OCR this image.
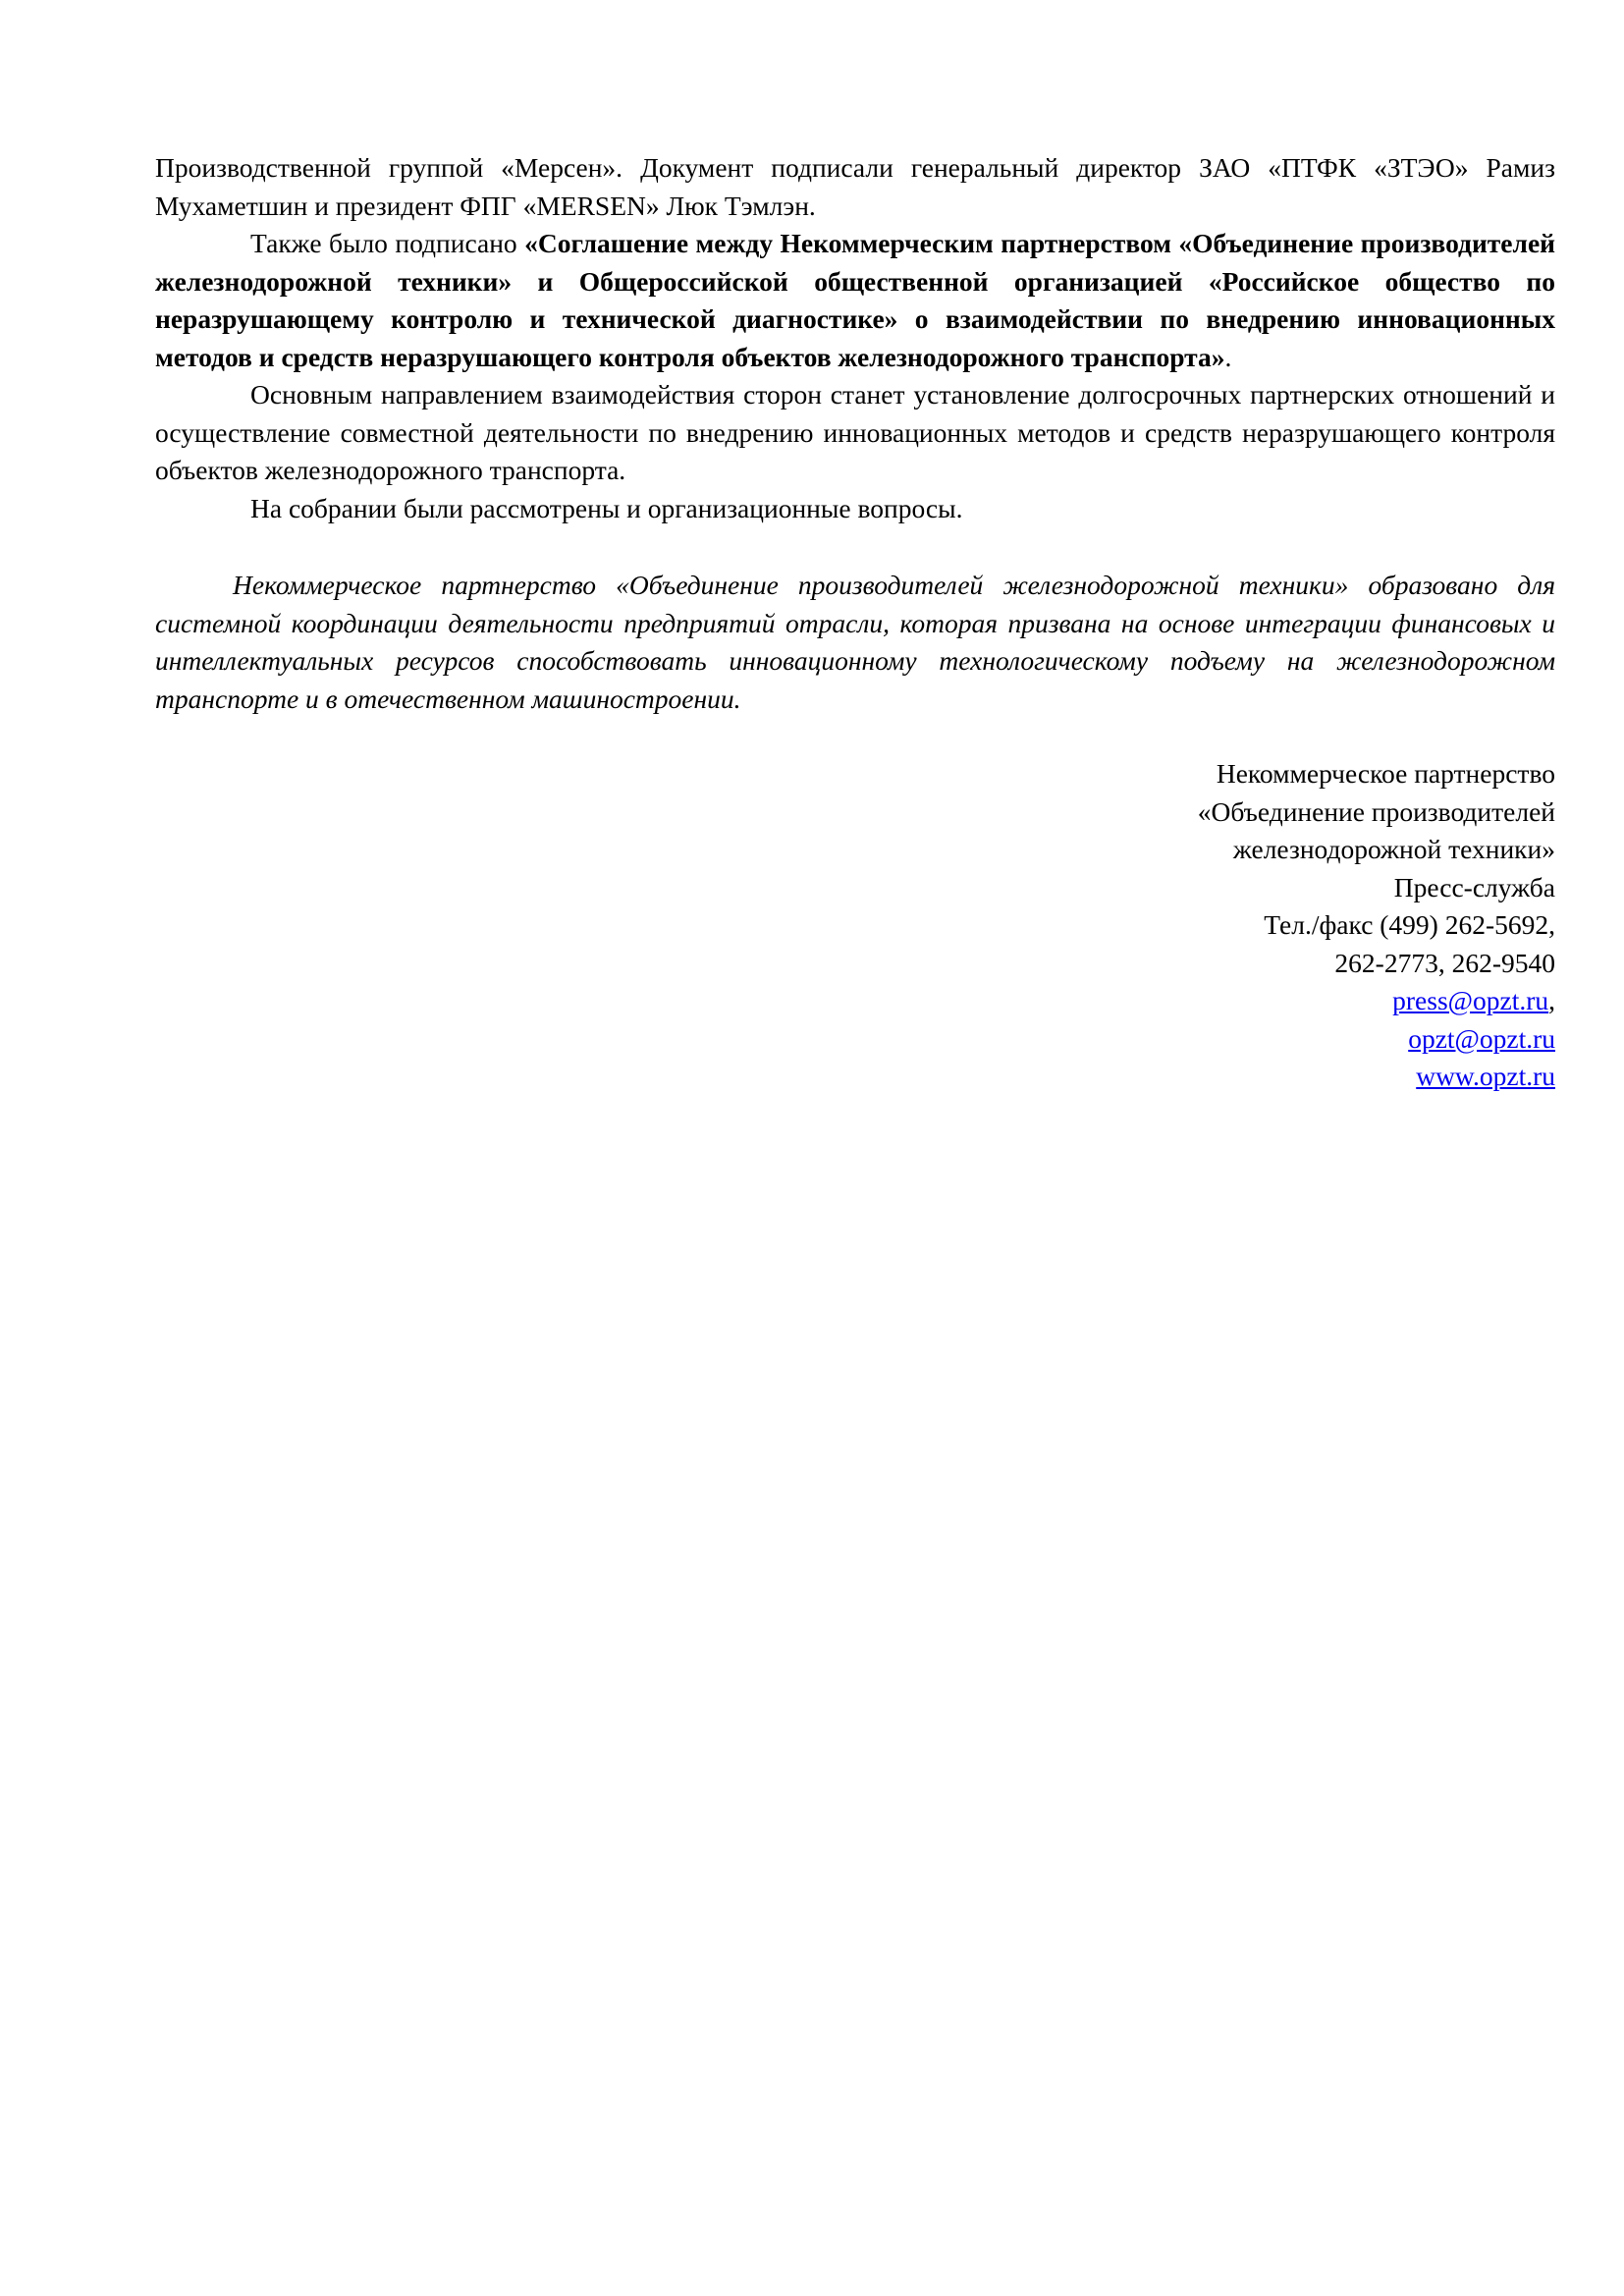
Производственной группой «Мерсен». Документ подписали генеральный директор ЗАО «ПТФК «ЗТЭО» Рамиз Мухаметшин и президент ФПГ «MERSEN» Люк Тэмлэн.

Также было подписано «Соглашение между Некоммерческим партнерством «Объединение производителей железнодорожной техники» и Общероссийской общественной организацией «Российское общество по неразрушающему контролю и технической диагностике» о взаимодействии по внедрению инновационных методов и средств неразрушающего контроля объектов железнодорожного транспорта».

Основным направлением взаимодействия сторон станет установление долгосрочных партнерских отношений и осуществление совместной деятельности по внедрению инновационных методов и средств неразрушающего контроля объектов железнодорожного транспорта.

На собрании были рассмотрены и организационные вопросы.

Некоммерческое партнерство «Объединение производителей железнодорожной техники» образовано для системной координации деятельности предприятий отрасли, которая призвана на основе интеграции финансовых и интеллектуальных ресурсов способствовать инновационному технологическому подъему на железнодорожном транспорте и в отечественном машиностроении.

Некоммерческое партнерство
«Объединение производителей
железнодорожной техники»
Пресс-служба
Тел./факс (499) 262-5692,
262-2773, 262-9540
press@opzt.ru,
opzt@opzt.ru
www.opzt.ru
